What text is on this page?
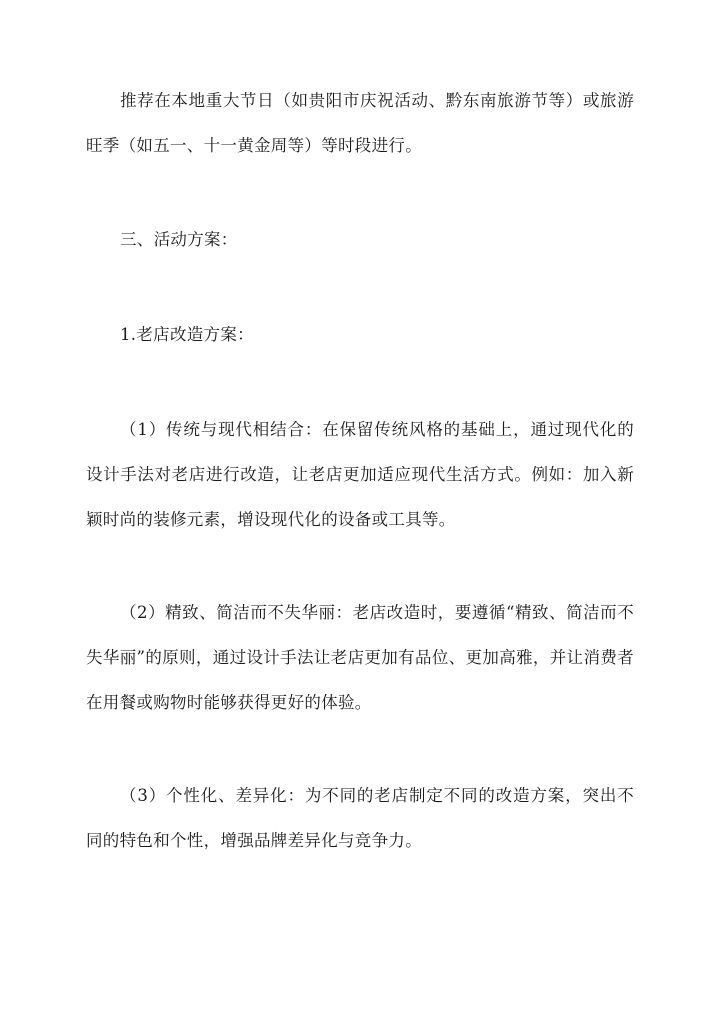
推荐在本地重大节日（如贵阳市庆祝活动、黔东南旅游节等）或旅游旺季（如五一、十一黄金周等）等时段进行。

三、活动方案：

1.老店改造方案：

（1）传统与现代相结合：在保留传统风格的基础上，通过现代化的设计手法对老店进行改造，让老店更加适应现代生活方式。例如：加入新颖时尚的装修元素，增设现代化的设备或工具等。

（2）精致、简洁而不失华丽：老店改造时，要遵循“精致、简洁而不失华丽”的原则，通过设计手法让老店更加有品位、更加高雅，并让消费者在用餐或购物时能够获得更好的体验。

（3）个性化、差异化：为不同的老店制定不同的改造方案，突出不同的特色和个性，增强品牌差异化与竞争力。
